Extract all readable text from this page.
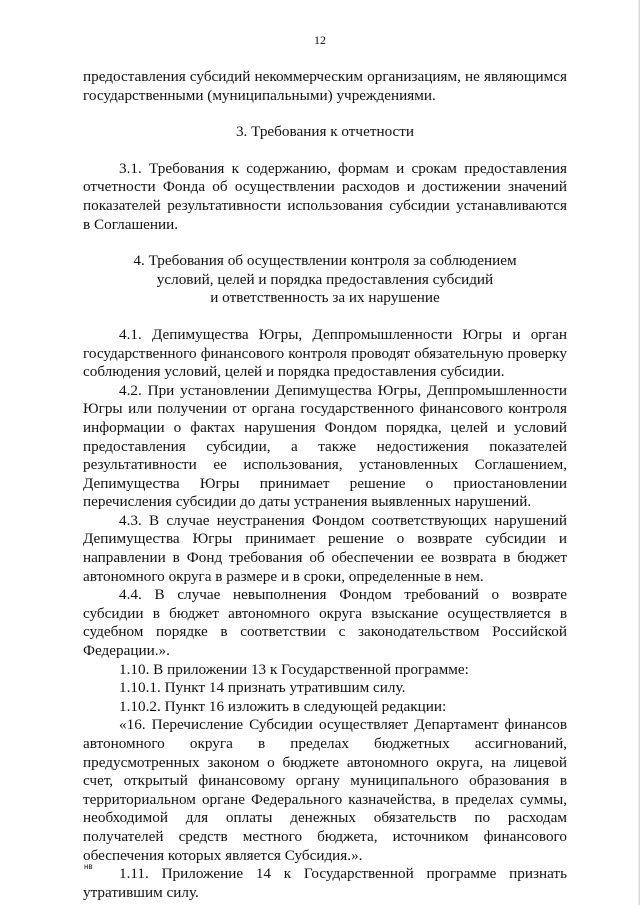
12

предоставления субсидий некоммерческим организациям, не являющимся государственными (муниципальными) учреждениями.

3. Требования к отчетности

3.1. Требования к содержанию, формам и срокам предоставления отчетности Фонда об осуществлении расходов и достижении значений показателей результативности использования субсидии устанавливаются в Соглашении.

4. Требования об осуществлении контроля за соблюдением
условий, целей и порядка предоставления субсидий
и ответственность за их нарушение

4.1. Депимущества Югры, Деппромышленности Югры и орган государственного финансового контроля проводят обязательную проверку соблюдения условий, целей и порядка предоставления субсидии.

4.2. При установлении Депимущества Югры, Деппромышленности Югры или получении от органа государственного финансового контроля информации о фактах нарушения Фондом порядка, целей и условий предоставления субсидии, а также недостижения показателей результативности ее использования, установленных Соглашением, Депимущества Югры принимает решение о приостановлении перечисления субсидии до даты устранения выявленных нарушений.

4.3. В случае неустранения Фондом соответствующих нарушений Депимущества Югры принимает решение о возврате субсидии и направлении в Фонд требования об обеспечении ее возврата в бюджет автономного округа в размере и в сроки, определенные в нем.

4.4. В случае невыполнения Фондом требований о возврате субсидии в бюджет автономного округа взыскание осуществляется в судебном порядке в соответствии с законодательством Российской Федерации.».

1.10. В приложении 13 к Государственной программе:

1.10.1. Пункт 14 признать утратившим силу.

1.10.2. Пункт 16 изложить в следующей редакции:

«16. Перечисление Субсидии осуществляет Департамент финансов автономного округа в пределах бюджетных ассигнований, предусмотренных законом о бюджете автономного округа, на лицевой счет, открытый финансовому органу муниципального образования в территориальном органе Федерального казначейства, в пределах суммы, необходимой для оплаты денежных обязательств по расходам получателей средств местного бюджета, источником финансового обеспечения которых является Субсидия.».

1.11. Приложение 14 к Государственной программе признать утратившим силу.

нв
